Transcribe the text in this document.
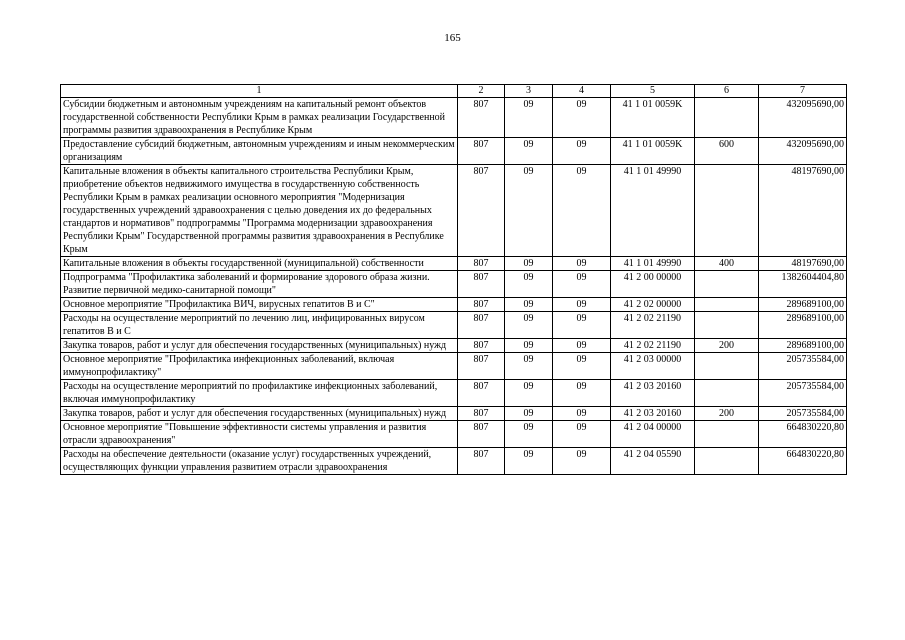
165
1	2	3	4	5	6	7
Субсидии бюджетным и автономным учреждениям на капитальный ремонт объектов государственной собственности Республики Крым в рамках реализации Государственной программы развития здравоохранения в Республике Крым	807	09	09	41 1 01 0059K		432095690,00
Предоставление субсидий бюджетным, автономным учреждениям и иным некоммерческим организациям	807	09	09	41 1 01 0059K	600	432095690,00
Капитальные вложения в объекты капитального строительства Республики Крым, приобретение объектов недвижимого имущества в государственную собственность Республики Крым в рамках реализации основного мероприятия "Модернизация государственных учреждений здравоохранения с целью доведения их до федеральных стандартов и нормативов" подпрограммы "Программа модернизации здравоохранения Республики Крым" Государственной программы развития здравоохранения в Республике Крым	807	09	09	41 1 01 49990		48197690,00
Капитальные вложения в объекты государственной (муниципальной) собственности	807	09	09	41 1 01 49990	400	48197690,00
Подпрограмма "Профилактика заболеваний и формирование здорового образа жизни. Развитие первичной медико-санитарной помощи"	807	09	09	41 2 00 00000		1382604404,80
Основное мероприятие "Профилактика ВИЧ, вирусных гепатитов В и С"	807	09	09	41 2 02 00000		289689100,00
Расходы на осуществление мероприятий по лечению лиц, инфицированных вирусом гепатитов В и С	807	09	09	41 2 02 21190		289689100,00
Закупка товаров, работ и услуг для обеспечения государственных (муниципальных) нужд	807	09	09	41 2 02 21190	200	289689100,00
Основное мероприятие "Профилактика инфекционных заболеваний, включая иммунопрофилактику"	807	09	09	41 2 03 00000		205735584,00
Расходы на осуществление мероприятий по профилактике инфекционных заболеваний, включая иммунопрофилактику	807	09	09	41 2 03 20160		205735584,00
Закупка товаров, работ и услуг для обеспечения государственных (муниципальных) нужд	807	09	09	41 2 03 20160	200	205735584,00
Основное мероприятие "Повышение эффективности системы управления и развития отрасли здравоохранения"	807	09	09	41 2 04 00000		664830220,80
Расходы на обеспечение деятельности (оказание услуг) государственных учреждений, осуществляющих функции управления развитием отрасли здравоохранения	807	09	09	41 2 04 05590		664830220,80
